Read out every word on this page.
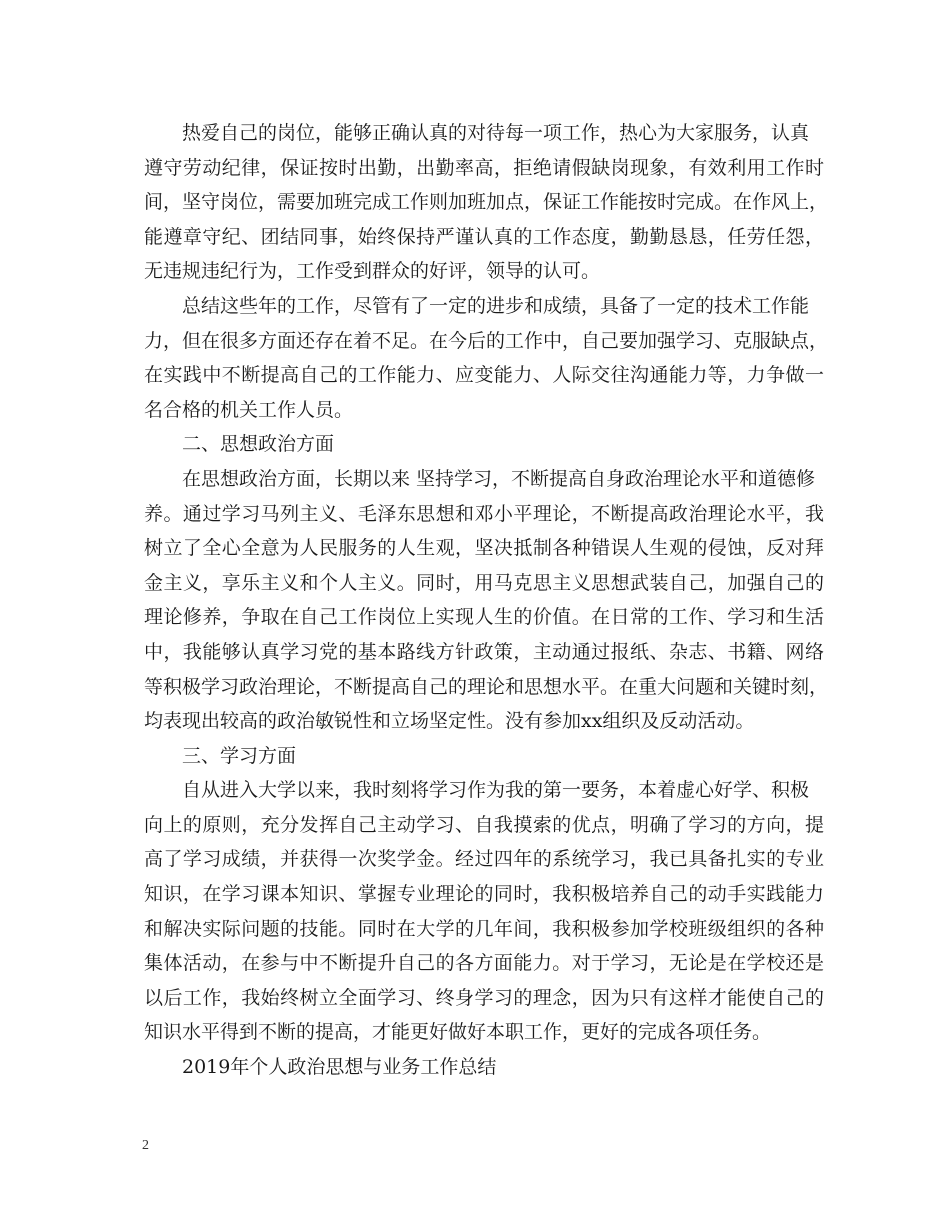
热爱自己的岗位，能够正确认真的对待每一项工作，热心为大家服务，认真
遵守劳动纪律，保证按时出勤，出勤率高，拒绝请假缺岗现象，有效利用工作时
间，坚守岗位，需要加班完成工作则加班加点，保证工作能按时完成。在作风上，
能遵章守纪、团结同事，始终保持严谨认真的工作态度，勤勤恳恳，任劳任怨，
无违规违纪行为，工作受到群众的好评，领导的认可。
总结这些年的工作，尽管有了一定的进步和成绩，具备了一定的技术工作能
力，但在很多方面还存在着不足。在今后的工作中，自己要加强学习、克服缺点，
在实践中不断提高自己的工作能力、应变能力、人际交往沟通能力等，力争做一
名合格的机关工作人员。
二、思想政治方面
在思想政治方面，长期以来 坚持学习，不断提高自身政治理论水平和道德修
养。通过学习马列主义、毛泽东思想和邓小平理论，不断提高政治理论水平，我
树立了全心全意为人民服务的人生观，坚决抵制各种错误人生观的侵蚀，反对拜
金主义，享乐主义和个人主义。同时，用马克思主义思想武装自己，加强自己的
理论修养，争取在自己工作岗位上实现人生的价值。在日常的工作、学习和生活
中，我能够认真学习党的基本路线方针政策，主动通过报纸、杂志、书籍、网络
等积极学习政治理论，不断提高自己的理论和思想水平。在重大问题和关键时刻，
均表现出较高的政治敏锐性和立场坚定性。没有参加xx组织及反动活动。
三、学习方面
自从进入大学以来，我时刻将学习作为我的第一要务，本着虚心好学、积极
向上的原则，充分发挥自己主动学习、自我摸索的优点，明确了学习的方向，提
高了学习成绩，并获得一次奖学金。经过四年的系统学习，我已具备扎实的专业
知识，在学习课本知识、掌握专业理论的同时，我积极培养自己的动手实践能力
和解决实际问题的技能。同时在大学的几年间，我积极参加学校班级组织的各种
集体活动，在参与中不断提升自己的各方面能力。对于学习，无论是在学校还是
以后工作，我始终树立全面学习、终身学习的理念，因为只有这样才能使自己的
知识水平得到不断的提高，才能更好做好本职工作，更好的完成各项任务。
2019年个人政治思想与业务工作总结
2
